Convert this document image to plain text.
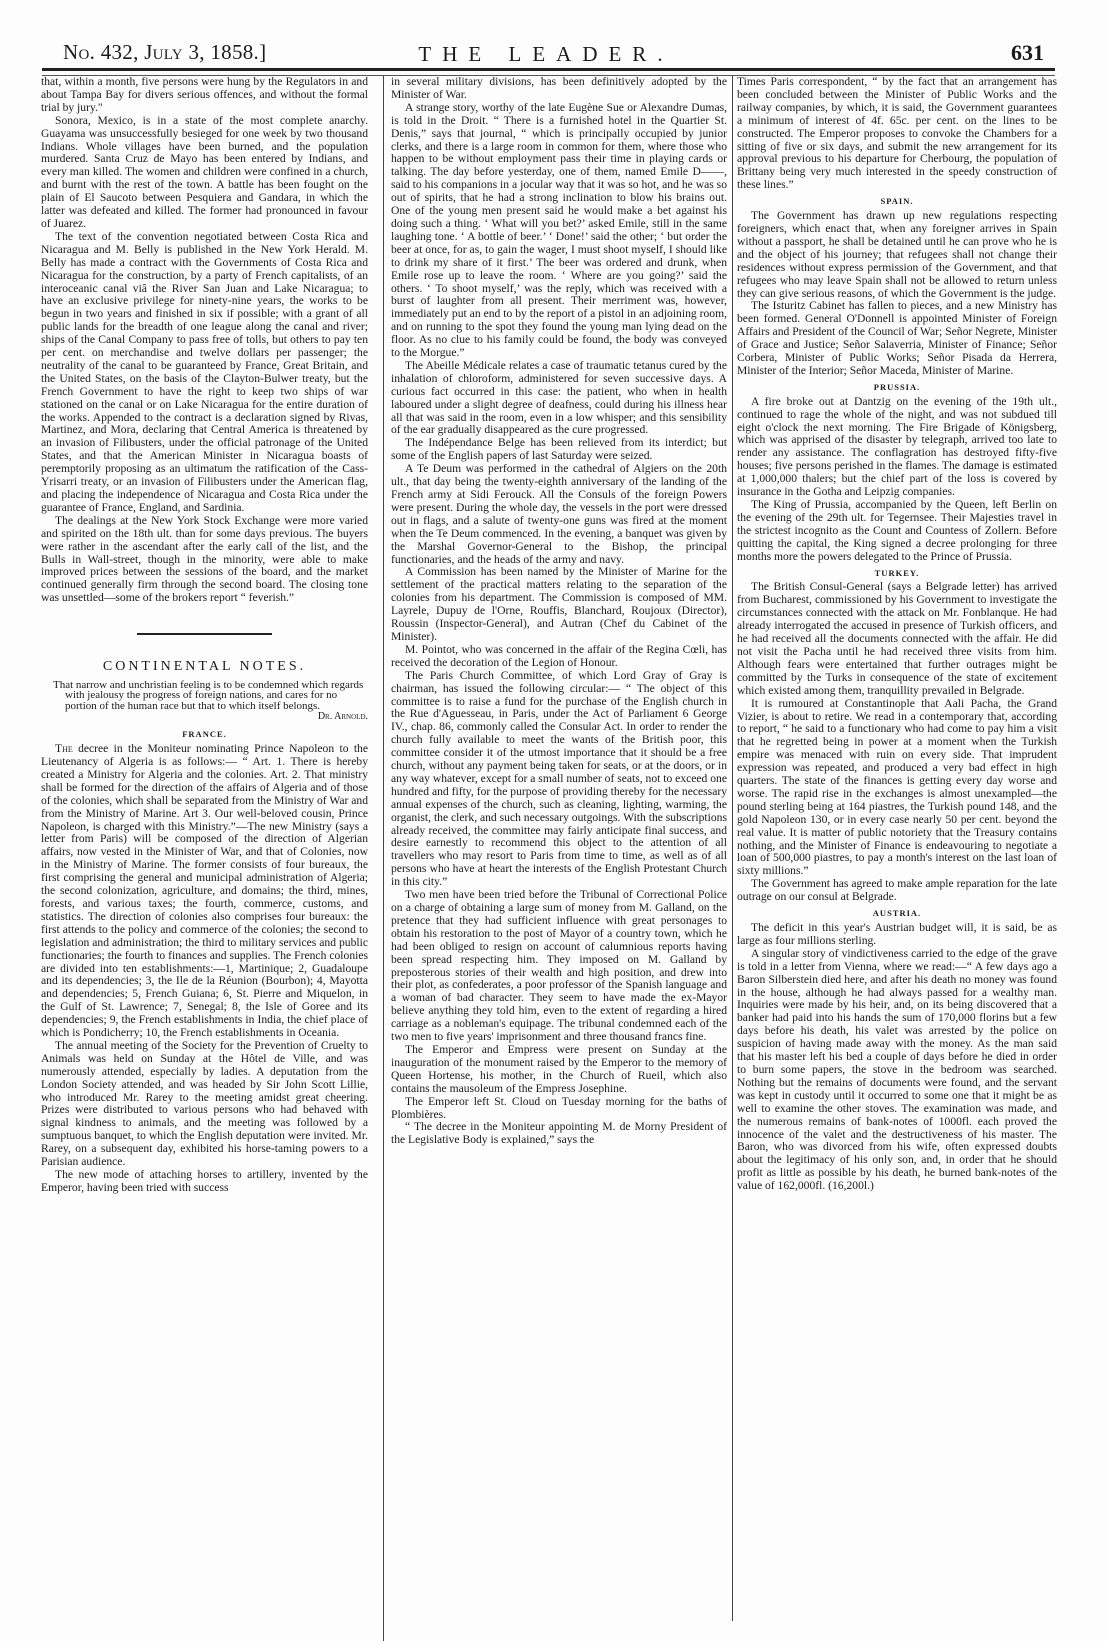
No. 432, July 3, 1858.]	THE LEADER.	631

that, within a month, five persons were hung by the Regulators in and about Tampa Bay for divers serious offences, and without the formal trial by jury."

Sonora, Mexico, is in a state of the most complete anarchy. Guayama was unsuccessfully besieged for one week by two thousand Indians. Whole villages have been burned, and the population murdered. Santa Cruz de Mayo has been entered by Indians, and every man killed. The women and children were confined in a church, and burnt with the rest of the town. A battle has been fought on the plain of El Saucoto between Pesquiera and Gandara, in which the latter was defeated and killed. The former had pronounced in favour of Juarez.

The text of the convention negotiated between Costa Rica and Nicaragua and M. Belly is published in the New York Herald. M. Belly has made a contract with the Governments of Costa Rica and Nicaragua for the construction, by a party of French capitalists, of an interoceanic canal viâ the River San Juan and Lake Nicaragua; to have an exclusive privilege for ninety-nine years, the works to be begun in two years and finished in six if possible; with a grant of all public lands for the breadth of one league along the canal and river; ships of the Canal Company to pass free of tolls, but others to pay ten per cent. on merchandise and twelve dollars per passenger; the neutrality of the canal to be guaranteed by France, Great Britain, and the United States, on the basis of the Clayton-Bulwer treaty, but the French Government to have the right to keep two ships of war stationed on the canal or on Lake Nicaragua for the entire duration of the works. Appended to the contract is a declaration signed by Rivas, Martinez, and Mora, declaring that Central America is threatened by an invasion of Filibusters, under the official patronage of the United States, and that the American Minister in Nicaragua boasts of peremptorily proposing as an ultimatum the ratification of the Cass-Yrisarri treaty, or an invasion of Filibusters under the American flag, and placing the independence of Nicaragua and Costa Rica under the guarantee of France, England, and Sardinia.

The dealings at the New York Stock Exchange were more varied and spirited on the 18th ult. than for some days previous. The buyers were rather in the ascendant after the early call of the list, and the Bulls in Wall-street, though in the minority, were able to make improved prices between the sessions of the board, and the market continued generally firm through the second board. The closing tone was unsettled—some of the brokers report “ feverish.”

CONTINENTAL NOTES.
That narrow and unchristian feeling is to be condemned which regards with jealousy the progress of foreign nations, and cares for no portion of the human race but that to which itself belongs.
Dr. Arnold.
FRANCE.

The decree in the Moniteur nominating Prince Napoleon to the Lieutenancy of Algeria is as follows:— “ Art. 1. There is hereby created a Ministry for Algeria and the colonies. Art. 2. That ministry shall be formed for the direction of the affairs of Algeria and of those of the colonies, which shall be separated from the Ministry of War and from the Ministry of Marine. Art 3. Our well-beloved cousin, Prince Napoleon, is charged with this Ministry.”—The new Ministry (says a letter from Paris) will be composed of the direction of Algerian affairs, now vested in the Minister of War, and that of Colonies, now in the Ministry of Marine. The former consists of four bureaux, the first comprising the general and municipal administration of Algeria; the second colonization, agriculture, and domains; the third, mines, forests, and various taxes; the fourth, commerce, customs, and statistics. The direction of colonies also comprises four bureaux: the first attends to the policy and commerce of the colonies; the second to legislation and administration; the third to military services and public functionaries; the fourth to finances and supplies. The French colonies are divided into ten establishments:—1, Martinique; 2, Guadaloupe and its dependencies; 3, the Ile de la Réunion (Bourbon); 4, Mayotta and dependencies; 5, French Guiana; 6, St. Pierre and Miquelon, in the Gulf of St. Lawrence; 7, Senegal; 8, the Isle of Goree and its dependencies; 9, the French establishments in India, the chief place of which is Pondicherry; 10, the French establishments in Oceania.

The annual meeting of the Society for the Prevention of Cruelty to Animals was held on Sunday at the Hôtel de Ville, and was numerously attended, especially by ladies. A deputation from the London Society attended, and was headed by Sir John Scott Lillie, who introduced Mr. Rarey to the meeting amidst great cheering. Prizes were distributed to various persons who had behaved with signal kindness to animals, and the meeting was followed by a sumptuous banquet, to which the English deputation were invited. Mr. Rarey, on a subsequent day, exhibited his horse-taming powers to a Parisian audience.

The new mode of attaching horses to artillery, invented by the Emperor, having been tried with success

in several military divisions, has been definitively adopted by the Minister of War.

A strange story, worthy of the late Eugène Sue or Alexandre Dumas, is told in the Droit. “ There is a furnished hotel in the Quartier St. Denis,” says that journal, “ which is principally occupied by junior clerks, and there is a large room in common for them, where those who happen to be without employment pass their time in playing cards or talking. The day before yesterday, one of them, named Emile D——, said to his companions in a jocular way that it was so hot, and he was so out of spirits, that he had a strong inclination to blow his brains out. One of the young men present said he would make a bet against his doing such a thing. ‘ What will you bet?’ asked Emile, still in the same laughing tone. ‘ A bottle of beer.’ ‘ Done!’ said the other; ‘ but order the beer at once, for as, to gain the wager, I must shoot myself, I should like to drink my share of it first.’ The beer was ordered and drunk, when Emile rose up to leave the room. ‘ Where are you going?’ said the others. ‘ To shoot myself,’ was the reply, which was received with a burst of laughter from all present. Their merriment was, however, immediately put an end to by the report of a pistol in an adjoining room, and on running to the spot they found the young man lying dead on the floor. As no clue to his family could be found, the body was conveyed to the Morgue.”

The Abeille Médicale relates a case of traumatic tetanus cured by the inhalation of chloroform, administered for seven successive days. A curious fact occurred in this case: the patient, who when in health laboured under a slight degree of deafness, could during his illness hear all that was said in the room, even in a low whisper; and this sensibility of the ear gradually disappeared as the cure progressed.

The Indépendance Belge has been relieved from its interdict; but some of the English papers of last Saturday were seized.

A Te Deum was performed in the cathedral of Algiers on the 20th ult., that day being the twenty-eighth anniversary of the landing of the French army at Sidi Ferouck. All the Consuls of the foreign Powers were present. During the whole day, the vessels in the port were dressed out in flags, and a salute of twenty-one guns was fired at the moment when the Te Deum commenced. In the evening, a banquet was given by the Marshal Governor-General to the Bishop, the principal functionaries, and the heads of the army and navy.

A Commission has been named by the Minister of Marine for the settlement of the practical matters relating to the separation of the colonies from his department. The Commission is composed of MM. Layrele, Dupuy de l'Orne, Rouffis, Blanchard, Roujoux (Director), Roussin (Inspector-General), and Autran (Chef du Cabinet of the Minister).

M. Pointot, who was concerned in the affair of the Regina Cœli, has received the decoration of the Legion of Honour.

The Paris Church Committee, of which Lord Gray of Gray is chairman, has issued the following circular:— “ The object of this committee is to raise a fund for the purchase of the English church in the Rue d'Aguesseau, in Paris, under the Act of Parliament 6 George IV., chap. 86, commonly called the Consular Act. In order to render the church fully available to meet the wants of the British poor, this committee consider it of the utmost importance that it should be a free church, without any payment being taken for seats, or at the doors, or in any way whatever, except for a small number of seats, not to exceed one hundred and fifty, for the purpose of providing thereby for the necessary annual expenses of the church, such as cleaning, lighting, warming, the organist, the clerk, and such necessary outgoings. With the subscriptions already received, the committee may fairly anticipate final success, and desire earnestly to recommend this object to the attention of all travellers who may resort to Paris from time to time, as well as of all persons who have at heart the interests of the English Protestant Church in this city.”

Two men have been tried before the Tribunal of Correctional Police on a charge of obtaining a large sum of money from M. Galland, on the pretence that they had sufficient influence with great personages to obtain his restoration to the post of Mayor of a country town, which he had been obliged to resign on account of calumnious reports having been spread respecting him. They imposed on M. Galland by preposterous stories of their wealth and high position, and drew into their plot, as confederates, a poor professor of the Spanish language and a woman of bad character. They seem to have made the ex-Mayor believe anything they told him, even to the extent of regarding a hired carriage as a nobleman's equipage. The tribunal condemned each of the two men to five years' imprisonment and three thousand francs fine.

The Emperor and Empress were present on Sunday at the inauguration of the monument raised by the Emperor to the memory of Queen Hortense, his mother, in the Church of Rueil, which also contains the mausoleum of the Empress Josephine.

The Emperor left St. Cloud on Tuesday morning for the baths of Plombières.

“ The decree in the Moniteur appointing M. de Morny President of the Legislative Body is explained,” says the

Times Paris correspondent, “ by the fact that an arrangement has been concluded between the Minister of Public Works and the railway companies, by which, it is said, the Government guarantees a minimum of interest of 4f. 65c. per cent. on the lines to be constructed. The Emperor proposes to convoke the Chambers for a sitting of five or six days, and submit the new arrangement for its approval previous to his departure for Cherbourg, the population of Brittany being very much interested in the speedy construction of these lines.”

SPAIN.

The Government has drawn up new regulations respecting foreigners, which enact that, when any foreigner arrives in Spain without a passport, he shall be detained until he can prove who he is and the object of his journey; that refugees shall not change their residences without express permission of the Government, and that refugees who may leave Spain shall not be allowed to return unless they can give serious reasons, of which the Government is the judge.

The Isturitz Cabinet has fallen to pieces, and a new Ministry has been formed. General O'Donnell is appointed Minister of Foreign Affairs and President of the Council of War; Señor Negrete, Minister of Grace and Justice; Señor Salaverria, Minister of Finance; Señor Corbera, Minister of Public Works; Señor Pisada da Herrera, Minister of the Interior; Señor Maceda, Minister of Marine.

PRUSSIA.

A fire broke out at Dantzig on the evening of the 19th ult., continued to rage the whole of the night, and was not subdued till eight o'clock the next morning. The Fire Brigade of Königsberg, which was apprised of the disaster by telegraph, arrived too late to render any assistance. The conflagration has destroyed fifty-five houses; five persons perished in the flames. The damage is estimated at 1,000,000 thalers; but the chief part of the loss is covered by insurance in the Gotha and Leipzig companies.

The King of Prussia, accompanied by the Queen, left Berlin on the evening of the 29th ult. for Tegernsee. Their Majesties travel in the strictest incognito as the Count and Countess of Zollern. Before quitting the capital, the King signed a decree prolonging for three months more the powers delegated to the Prince of Prussia.

TURKEY.

The British Consul-General (says a Belgrade letter) has arrived from Bucharest, commissioned by his Government to investigate the circumstances connected with the attack on Mr. Fonblanque. He had already interrogated the accused in presence of Turkish officers, and he had received all the documents connected with the affair. He did not visit the Pacha until he had received three visits from him. Although fears were entertained that further outrages might be committed by the Turks in consequence of the state of excitement which existed among them, tranquillity prevailed in Belgrade.

It is rumoured at Constantinople that Aali Pacha, the Grand Vizier, is about to retire. We read in a contemporary that, according to report, “ he said to a functionary who had come to pay him a visit that he regretted being in power at a moment when the Turkish empire was menaced with ruin on every side. That imprudent expression was repeated, and produced a very bad effect in high quarters. The state of the finances is getting every day worse and worse. The rapid rise in the exchanges is almost unexampled—the pound sterling being at 164 piastres, the Turkish pound 148, and the gold Napoleon 130, or in every case nearly 50 per cent. beyond the real value. It is matter of public notoriety that the Treasury contains nothing, and the Minister of Finance is endeavouring to negotiate a loan of 500,000 piastres, to pay a month's interest on the last loan of sixty millions.”

The Government has agreed to make ample reparation for the late outrage on our consul at Belgrade.

AUSTRIA.

The deficit in this year's Austrian budget will, it is said, be as large as four millions sterling.

A singular story of vindictiveness carried to the edge of the grave is told in a letter from Vienna, where we read:—“ A few days ago a Baron Silberstein died here, and after his death no money was found in the house, although he had always passed for a wealthy man. Inquiries were made by his heir, and, on its being discovered that a banker had paid into his hands the sum of 170,000 florins but a few days before his death, his valet was arrested by the police on suspicion of having made away with the money. As the man said that his master left his bed a couple of days before he died in order to burn some papers, the stove in the bedroom was searched. Nothing but the remains of documents were found, and the servant was kept in custody until it occurred to some one that it might be as well to examine the other stoves. The examination was made, and the numerous remains of bank-notes of 1000fl. each proved the innocence of the valet and the destructiveness of his master. The Baron, who was divorced from his wife, often expressed doubts about the legitimacy of his only son, and, in order that he should profit as little as possible by his death, he burned bank-notes of the value of 162,000fl. (16,200l.)
